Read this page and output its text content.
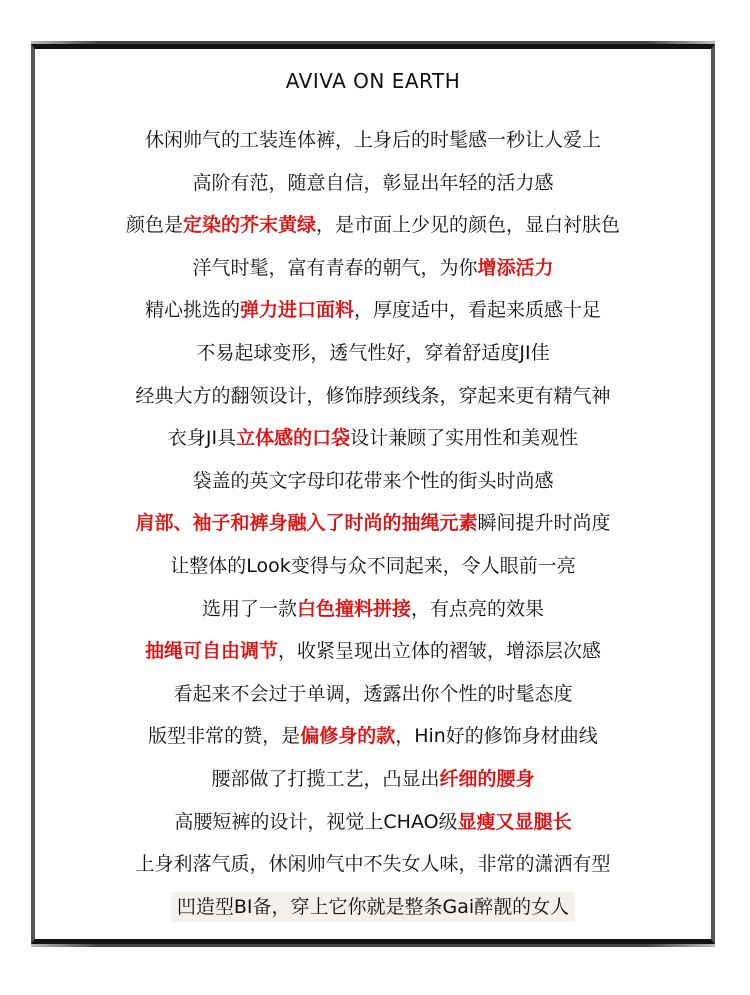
AVIVA ON EARTH
休闲帅气的工装连体裤，上身后的时髦感一秒让人爱上
高阶有范，随意自信，彰显出年轻的活力感
颜色是定染的芥末黄绿，是市面上少见的颜色，显白衬肤色
洋气时髦，富有青春的朝气，为你增添活力
精心挑选的弹力进口面料，厚度适中，看起来质感十足
不易起球变形，透气性好，穿着舒适度JI佳
经典大方的翻领设计，修饰脖颈线条，穿起来更有精气神
衣身JI具立体感的口袋设计兼顾了实用性和美观性
袋盖的英文字母印花带来个性的街头时尚感
肩部、袖子和裤身融入了时尚的抽绳元素瞬间提升时尚度
让整体的Look变得与众不同起来，令人眼前一亮
选用了一款白色撞料拼接，有点亮的效果
抽绳可自由调节，收紧呈现出立体的褶皱，增添层次感
看起来不会过于单调，透露出你个性的时髦态度
版型非常的赞，是偏修身的款，Hin好的修饰身材曲线
腰部做了打揽工艺，凸显出纤细的腰身
高腰短裤的设计，视觉上CHAO级显瘦又显腿长
上身利落气质，休闲帅气中不失女人味，非常的潇洒有型
凹造型BI备，穿上它你就是整条Gai醉靓的女人
